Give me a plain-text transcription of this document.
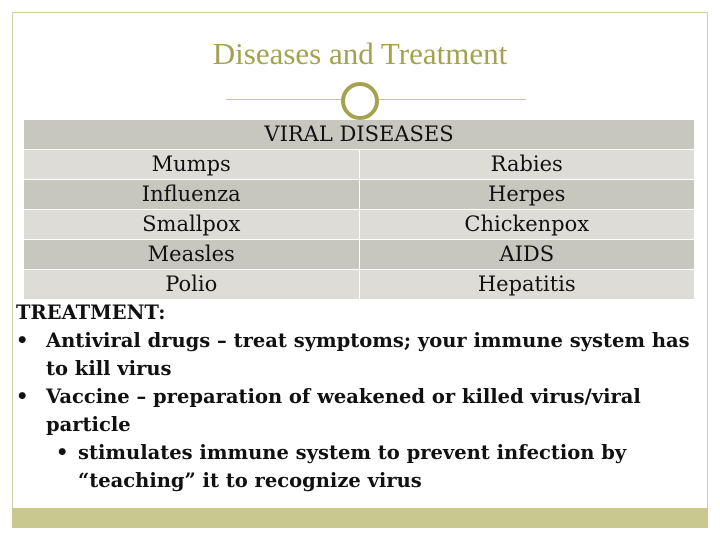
Diseases and Treatment
VIRAL DISEASES
Mumps	Rabies
Influenza	Herpes
Smallpox	Chickenpox
Measles	AIDS
Polio	Hepatitis
TREATMENT:
• Antiviral drugs – treat symptoms; your immune system has to kill virus
• Vaccine – preparation of weakened or killed virus/viral particle
• stimulates immune system to prevent infection by “teaching” it to recognize virus
